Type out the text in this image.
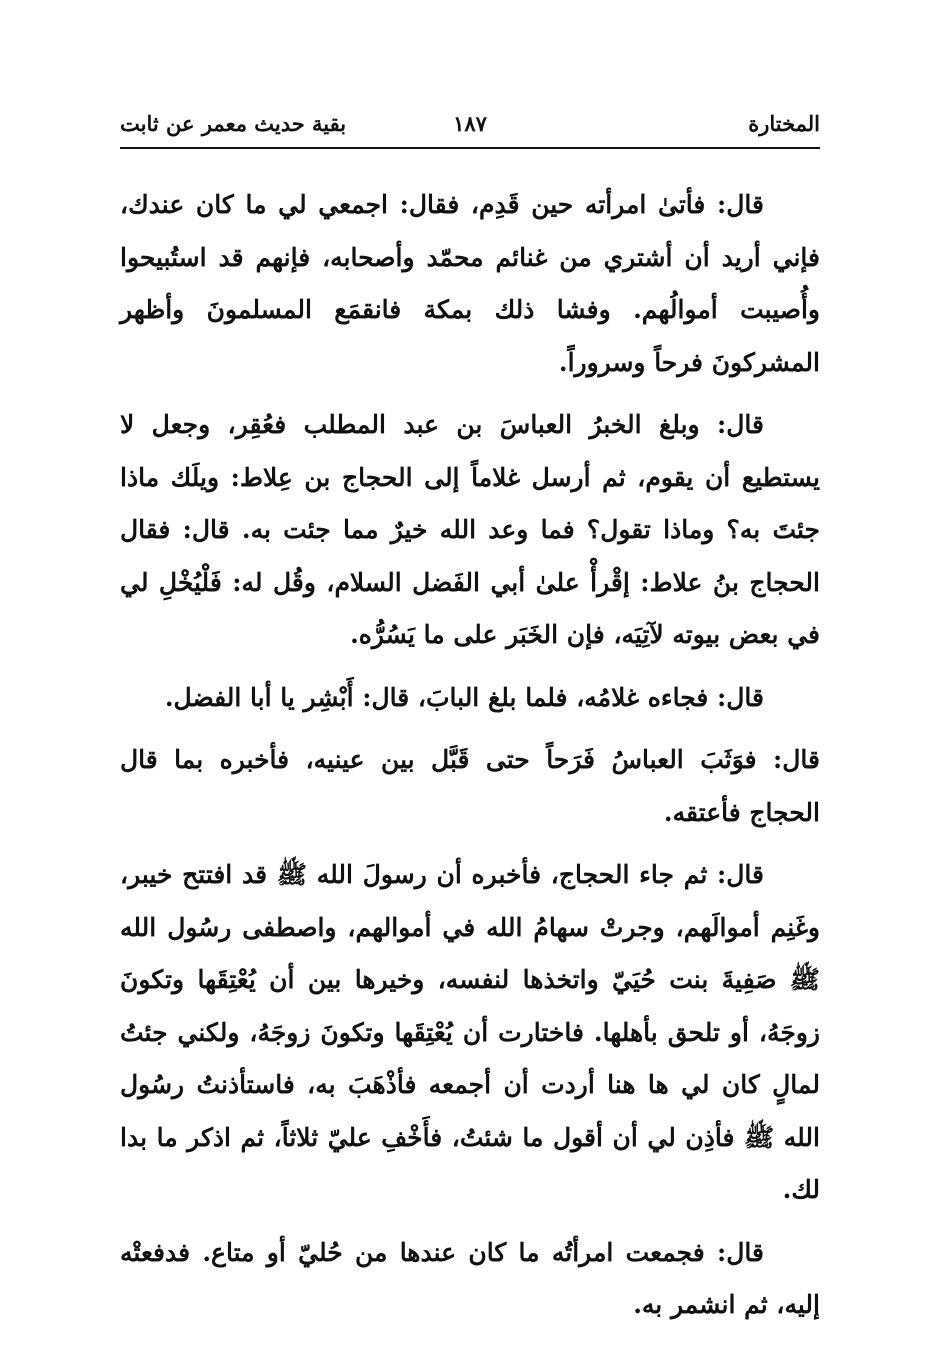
المختارة
بقية حديث معمر عن ثابت	١٨٧

قال: فأتىٰ امرأته حين قَدِم، فقال: اجمعي لي ما كان عندك، فإني أريد أن أشتري من غنائم محمّد وأصحابه، فإنهم قد استُبيحوا وأُصيبت أموالُهم. وفشا ذلك بمكة فانقمَع المسلمونَ وأظهر المشركونَ فرحاً وسروراً.

قال: وبلغ الخبرُ العباسَ بن عبد المطلب فعُقِر، وجعل لا يستطيع أن يقوم، ثم أرسل غلاماً إلى الحجاج بن عِلاط: ويلَك ماذا جئتَ به؟ وماذا تقول؟ فما وعد الله خيرٌ مما جئت به. قال: فقال الحجاج بنُ علاط: إقْرأْ علىٰ أبي الفَضل السلام، وقُل له: فَلْيُخْلِ لي في بعض بيوته لآتِيَه، فإن الخَبَر على ما يَسُرُّه.

قال: فجاءه غلامُه، فلما بلغ البابَ، قال: أَبْشِر يا أبا الفضل.

قال: فوَثَبَ العباسُ فَرَحاً حتى قَبَّل بين عينيه، فأخبره بما قال الحجاج فأعتقه.

قال: ثم جاء الحجاج، فأخبره أن رسولَ الله ﷺ قد افتتح خيبر، وغَنِم أموالَهم، وجرتْ سهامُ الله في أموالهم، واصطفى رسُول الله ﷺ صَفِيةَ بنت حُيَيّ واتخذها لنفسه، وخيرها بين أن يُعْتِقَها وتكونَ زوجَهُ، أو تلحق بأهلها. فاختارت أن يُعْتِقَها وتكونَ زوجَهُ، ولكني جئتُ لمالٍ كان لي ها هنا أردت أن أجمعه فأذْهَبَ به، فاستأذنتُ رسُول الله ﷺ فأذِن لي أن أقول ما شئتُ، فأَخْفِ عليّ ثلاثاً، ثم اذكر ما بدا لك.

قال: فجمعت امرأتُه ما كان عندها من حُليّ أو متاع. فدفعتْه إليه، ثم انشمر به.
